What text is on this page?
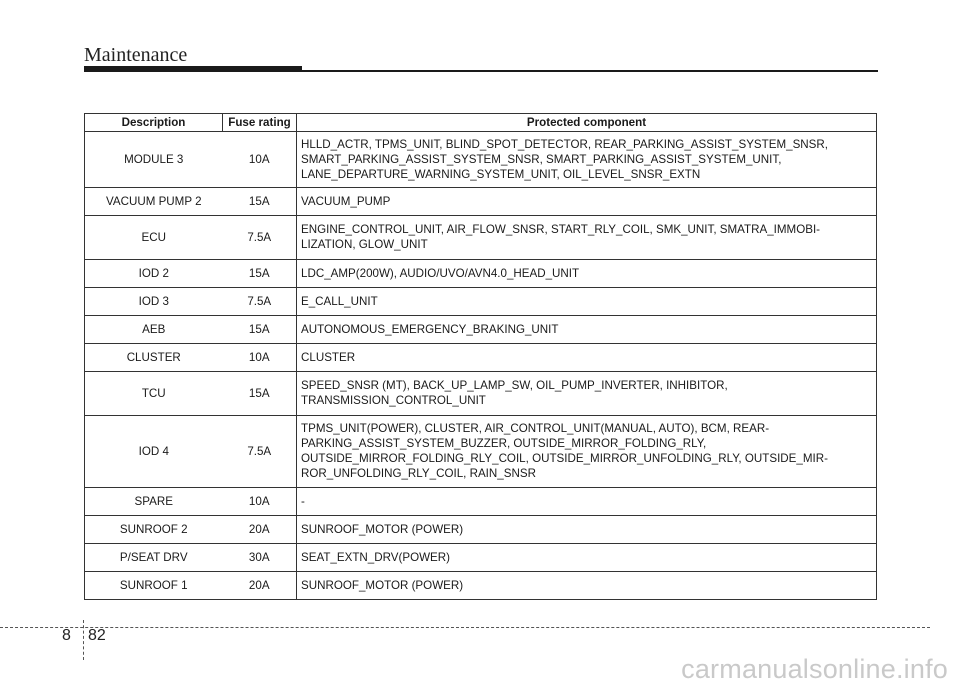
Maintenance
Description	Fuse rating	Protected component
MODULE 3	10A	HLLD_ACTR, TPMS_UNIT, BLIND_SPOT_DETECTOR, REAR_PARKING_ASSIST_SYSTEM_SNSR, SMART_PARKING_ASSIST_SYSTEM_SNSR, SMART_PARKING_ASSIST_SYSTEM_UNIT, LANE_DEPARTURE_WARNING_SYSTEM_UNIT, OIL_LEVEL_SNSR_EXTN
VACUUM PUMP 2	15A	VACUUM_PUMP
ECU	7.5A	ENGINE_CONTROL_UNIT, AIR_FLOW_SNSR, START_RLY_COIL, SMK_UNIT, SMATRA_IMMOBI-LIZATION, GLOW_UNIT
IOD 2	15A	LDC_AMP(200W), AUDIO/UVO/AVN4.0_HEAD_UNIT
IOD 3	7.5A	E_CALL_UNIT
AEB	15A	AUTONOMOUS_EMERGENCY_BRAKING_UNIT
CLUSTER	10A	CLUSTER
TCU	15A	SPEED_SNSR (MT), BACK_UP_LAMP_SW, OIL_PUMP_INVERTER, INHIBITOR, TRANSMISSION_CONTROL_UNIT
IOD 4	7.5A	TPMS_UNIT(POWER), CLUSTER, AIR_CONTROL_UNIT(MANUAL, AUTO), BCM, REAR-PARKING_ASSIST_SYSTEM_BUZZER, OUTSIDE_MIRROR_FOLDING_RLY, OUTSIDE_MIRROR_FOLDING_RLY_COIL, OUTSIDE_MIRROR_UNFOLDING_RLY, OUTSIDE_MIR-ROR_UNFOLDING_RLY_COIL, RAIN_SNSR
SPARE	10A	-
SUNROOF 2	20A	SUNROOF_MOTOR (POWER)
P/SEAT DRV	30A	SEAT_EXTN_DRV(POWER)
SUNROOF 1	20A	SUNROOF_MOTOR (POWER)
8 82
carmanualsonline.info
